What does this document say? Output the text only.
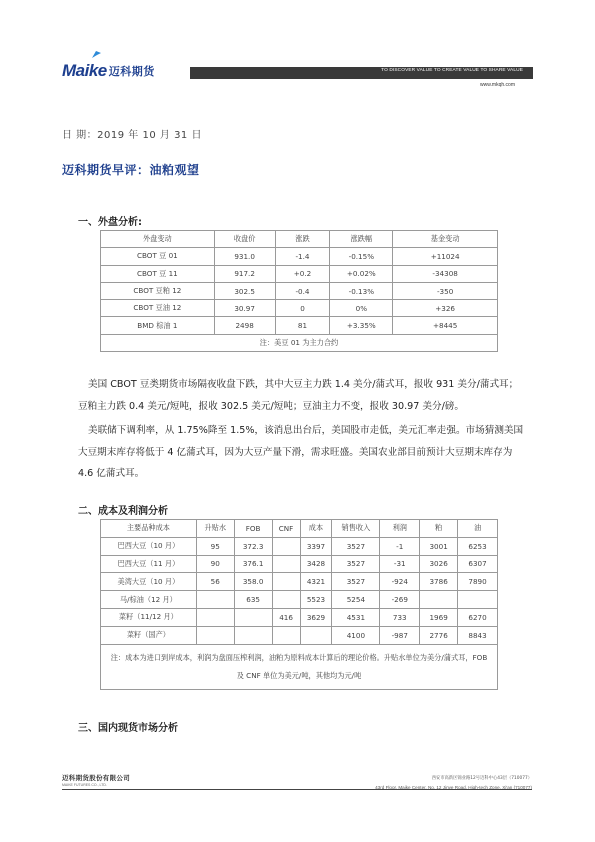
Maike 迈科期货	TO DISCOVER VALUE TO CREATE VALUE TO SHARE VALUE
www.mkqh.com
日 期：2019 年 10 月 31 日
迈科期货早评：油粕观望
一、外盘分析:
外盘变动	收盘价	涨跌	涨跌幅	基金变动
CBOT 豆 01	931.0	-1.4	-0.15%	+11024
CBOT 豆 11	917.2	+0.2	+0.02%	-34308
CBOT 豆粕 12	302.5	-0.4	-0.13%	-350
CBOT 豆油 12	30.97	0	0%	+326
BMD 棕油 1	2498	81	+3.35%	+8445
注：美豆 01 为主力合约				

美国 CBOT 豆类期货市场隔夜收盘下跌，其中大豆主力跌 1.4 美分/蒲式耳，报收 931 美分/蒲式耳；豆粕主力跌 0.4 美元/短吨，报收 302.5 美元/短吨；豆油主力不变，报收 30.97 美分/磅。

美联储下调利率，从 1.75%降至 1.5%，该消息出台后，美国股市走低，美元汇率走强。市场猜测美国大豆期末库存将低于 4 亿蒲式耳，因为大豆产量下滑，需求旺盛。美国农业部目前预计大豆期末库存为 4.6 亿蒲式耳。

二、成本及利润分析
主要品种成本	升贴水	FOB	CNF	成本	销售收入	利润	粕	油
巴西大豆（10 月）	95	372.3		3397	3527	-1	3001	6253
巴西大豆（11 月）	90	376.1		3428	3527	-31	3026	6307
美湾大豆（10 月）	56	358.0		4321	3527	-924	3786	7890
马/棕油（12 月）		635		5523	5254	-269		
菜籽（11/12 月）			416	3629	4531	733	1969	6270
菜籽（国产）					4100	-987	2776	8843
注：成本为进口到岸成本，利润为盘面压榨利润，油粕为原料成本计算后的理论价格。升贴水单位为美分/蒲式耳，FOB 及 CNF 单位为美元/吨，其他均为元/吨								
三、国内现货市场分析
迈科期货股份有限公司
MAIKE FUTURES CO., LTD.
西安市高新区锦业路12号迈科中心43层（710077）
43rd Floor, Maike Center, No. 12 Jinye Road, High-tech Zone, Xi'an (710077)
